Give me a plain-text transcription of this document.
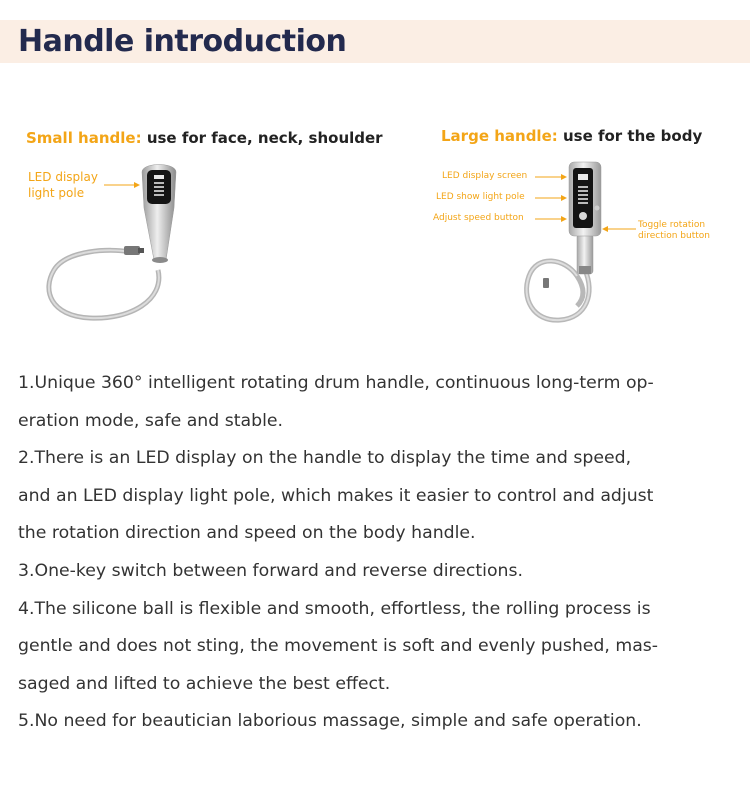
Handle introduction
Small handle: use for face, neck, shoulder	Large handle: use for the body
LED display
light pole
LED display screen
LED show light pole
Adjust speed button
Toggle rotation
direction button

1.Unique 360° intelligent rotating drum handle, continuous long-term op-

eration mode, safe and stable.

2.There is an LED display on the handle to display the time and speed,

and an LED display light pole, which makes it easier to control and adjust

the rotation direction and speed on the body handle.

3.One-key switch between forward and reverse directions.

4.The silicone ball is flexible and smooth, effortless, the rolling process is

gentle and does not sting, the movement is soft and evenly pushed, mas-

saged and lifted to achieve the best effect.

5.No need for beautician laborious massage, simple and safe operation.
